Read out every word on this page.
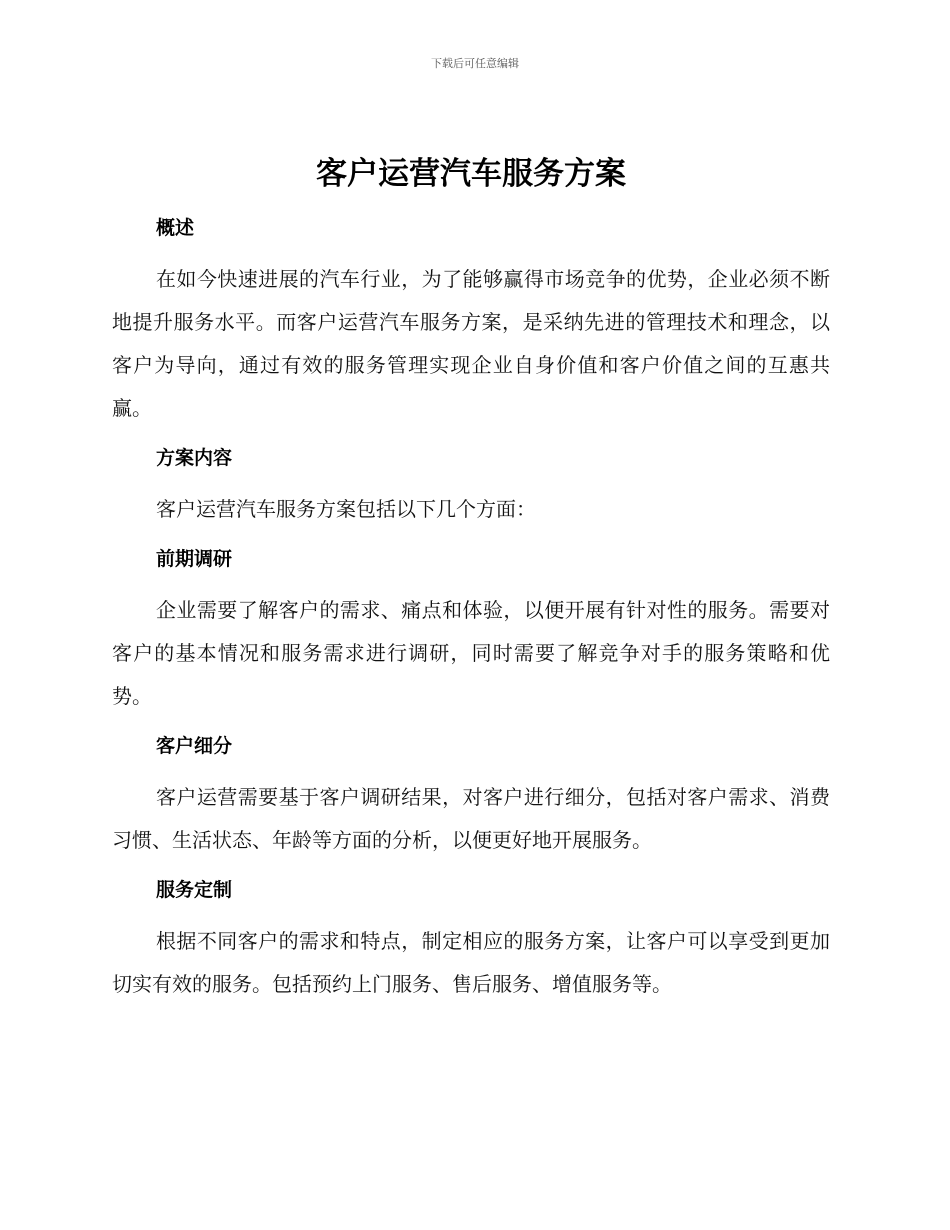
下载后可任意编辑
客户运营汽车服务方案
概述

在如今快速进展的汽车行业，为了能够赢得市场竞争的优势，企业必须不断地提升服务水平。而客户运营汽车服务方案，是采纳先进的管理技术和理念，以客户为导向，通过有效的服务管理实现企业自身价值和客户价值之间的互惠共赢。

方案内容

客户运营汽车服务方案包括以下几个方面：

前期调研

企业需要了解客户的需求、痛点和体验，以便开展有针对性的服务。需要对客户的基本情况和服务需求进行调研，同时需要了解竞争对手的服务策略和优势。

客户细分

客户运营需要基于客户调研结果，对客户进行细分，包括对客户需求、消费习惯、生活状态、年龄等方面的分析，以便更好地开展服务。

服务定制

根据不同客户的需求和特点，制定相应的服务方案，让客户可以享受到更加切实有效的服务。包括预约上门服务、售后服务、增值服务等。
